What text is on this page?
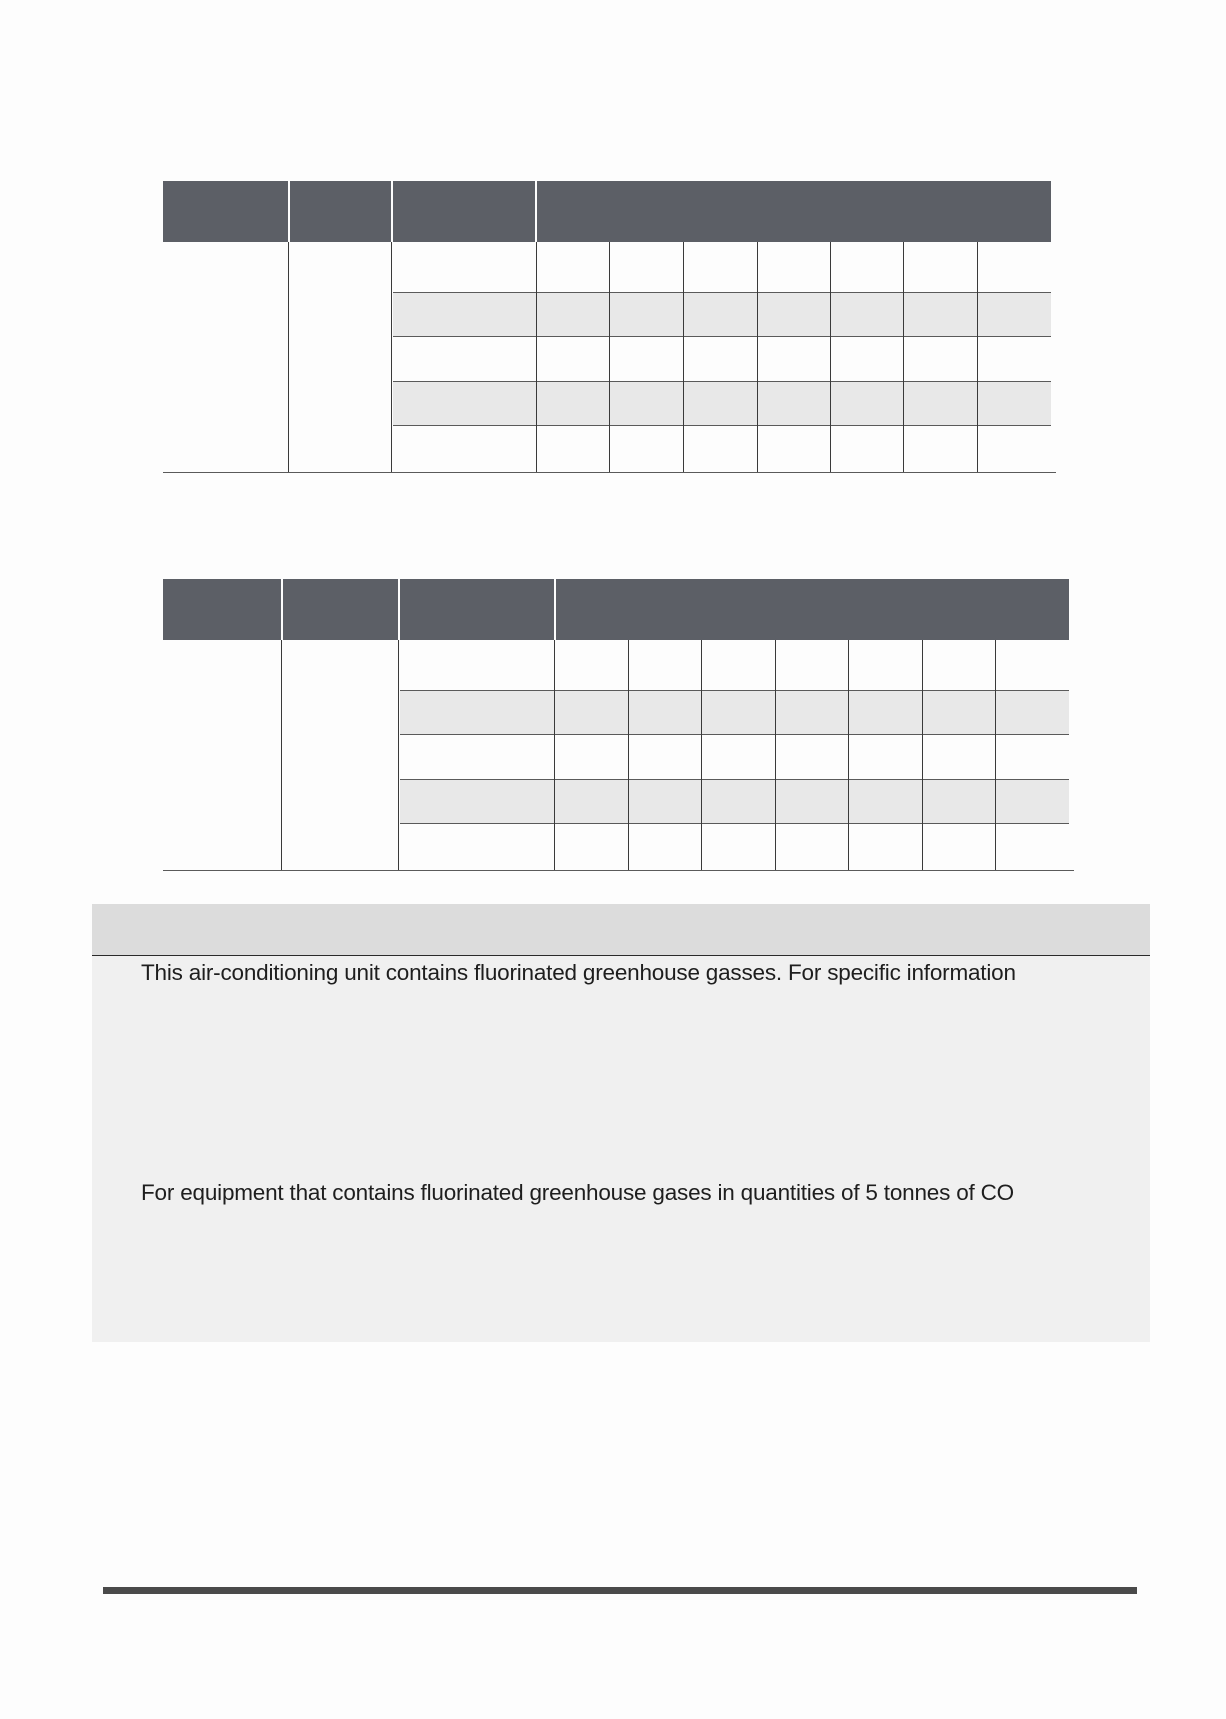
This air-conditioning unit contains fluorinated greenhouse gasses. For specific information

For equipment that contains fluorinated greenhouse gases in quantities of 5 tonnes of CO
